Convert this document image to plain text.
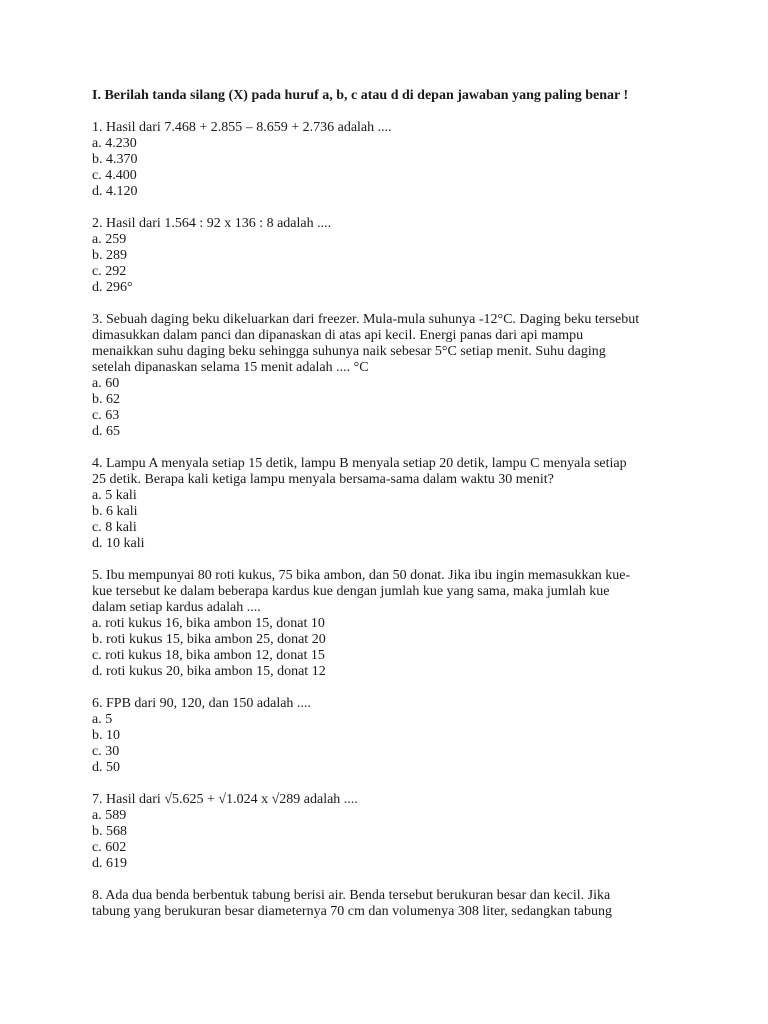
I. Berilah tanda silang (X) pada huruf a, b, c atau d di depan jawaban yang paling benar !

1. Hasil dari 7.468 + 2.855 – 8.659 + 2.736 adalah ....

a. 4.230
b. 4.370
c. 4.400
d. 4.120

2. Hasil dari 1.564 : 92 x 136 : 8 adalah ....

a. 259
b. 289
c. 292
d. 296°

3. Sebuah daging beku dikeluarkan dari freezer. Mula-mula suhunya -12°C. Daging beku tersebut
dimasukkan dalam panci dan dipanaskan di atas api kecil. Energi panas dari api mampu
menaikkan suhu daging beku sehingga suhunya naik sebesar 5°C setiap menit. Suhu daging
setelah dipanaskan selama 15 menit adalah .... °C

a. 60
b. 62
c. 63
d. 65

4. Lampu A menyala setiap 15 detik, lampu B menyala setiap 20 detik, lampu C menyala setiap
25 detik. Berapa kali ketiga lampu menyala bersama-sama dalam waktu 30 menit?

a. 5 kali
b. 6 kali
c. 8 kali
d. 10 kali

5. Ibu mempunyai 80 roti kukus, 75 bika ambon, dan 50 donat. Jika ibu ingin memasukkan kue-
kue tersebut ke dalam beberapa kardus kue dengan jumlah kue yang sama, maka jumlah kue
dalam setiap kardus adalah ....

a. roti kukus 16, bika ambon 15, donat 10
b. roti kukus 15, bika ambon 25, donat 20
c. roti kukus 18, bika ambon 12, donat 15
d. roti kukus 20, bika ambon 15, donat 12

6. FPB dari 90, 120, dan 150 adalah ....

a. 5
b. 10
c. 30
d. 50

7. Hasil dari √5.625 + √1.024 x √289 adalah ....

a. 589
b. 568
c. 602
d. 619

8. Ada dua benda berbentuk tabung berisi air. Benda tersebut berukuran besar dan kecil. Jika
tabung yang berukuran besar diameternya 70 cm dan volumenya 308 liter, sedangkan tabung
